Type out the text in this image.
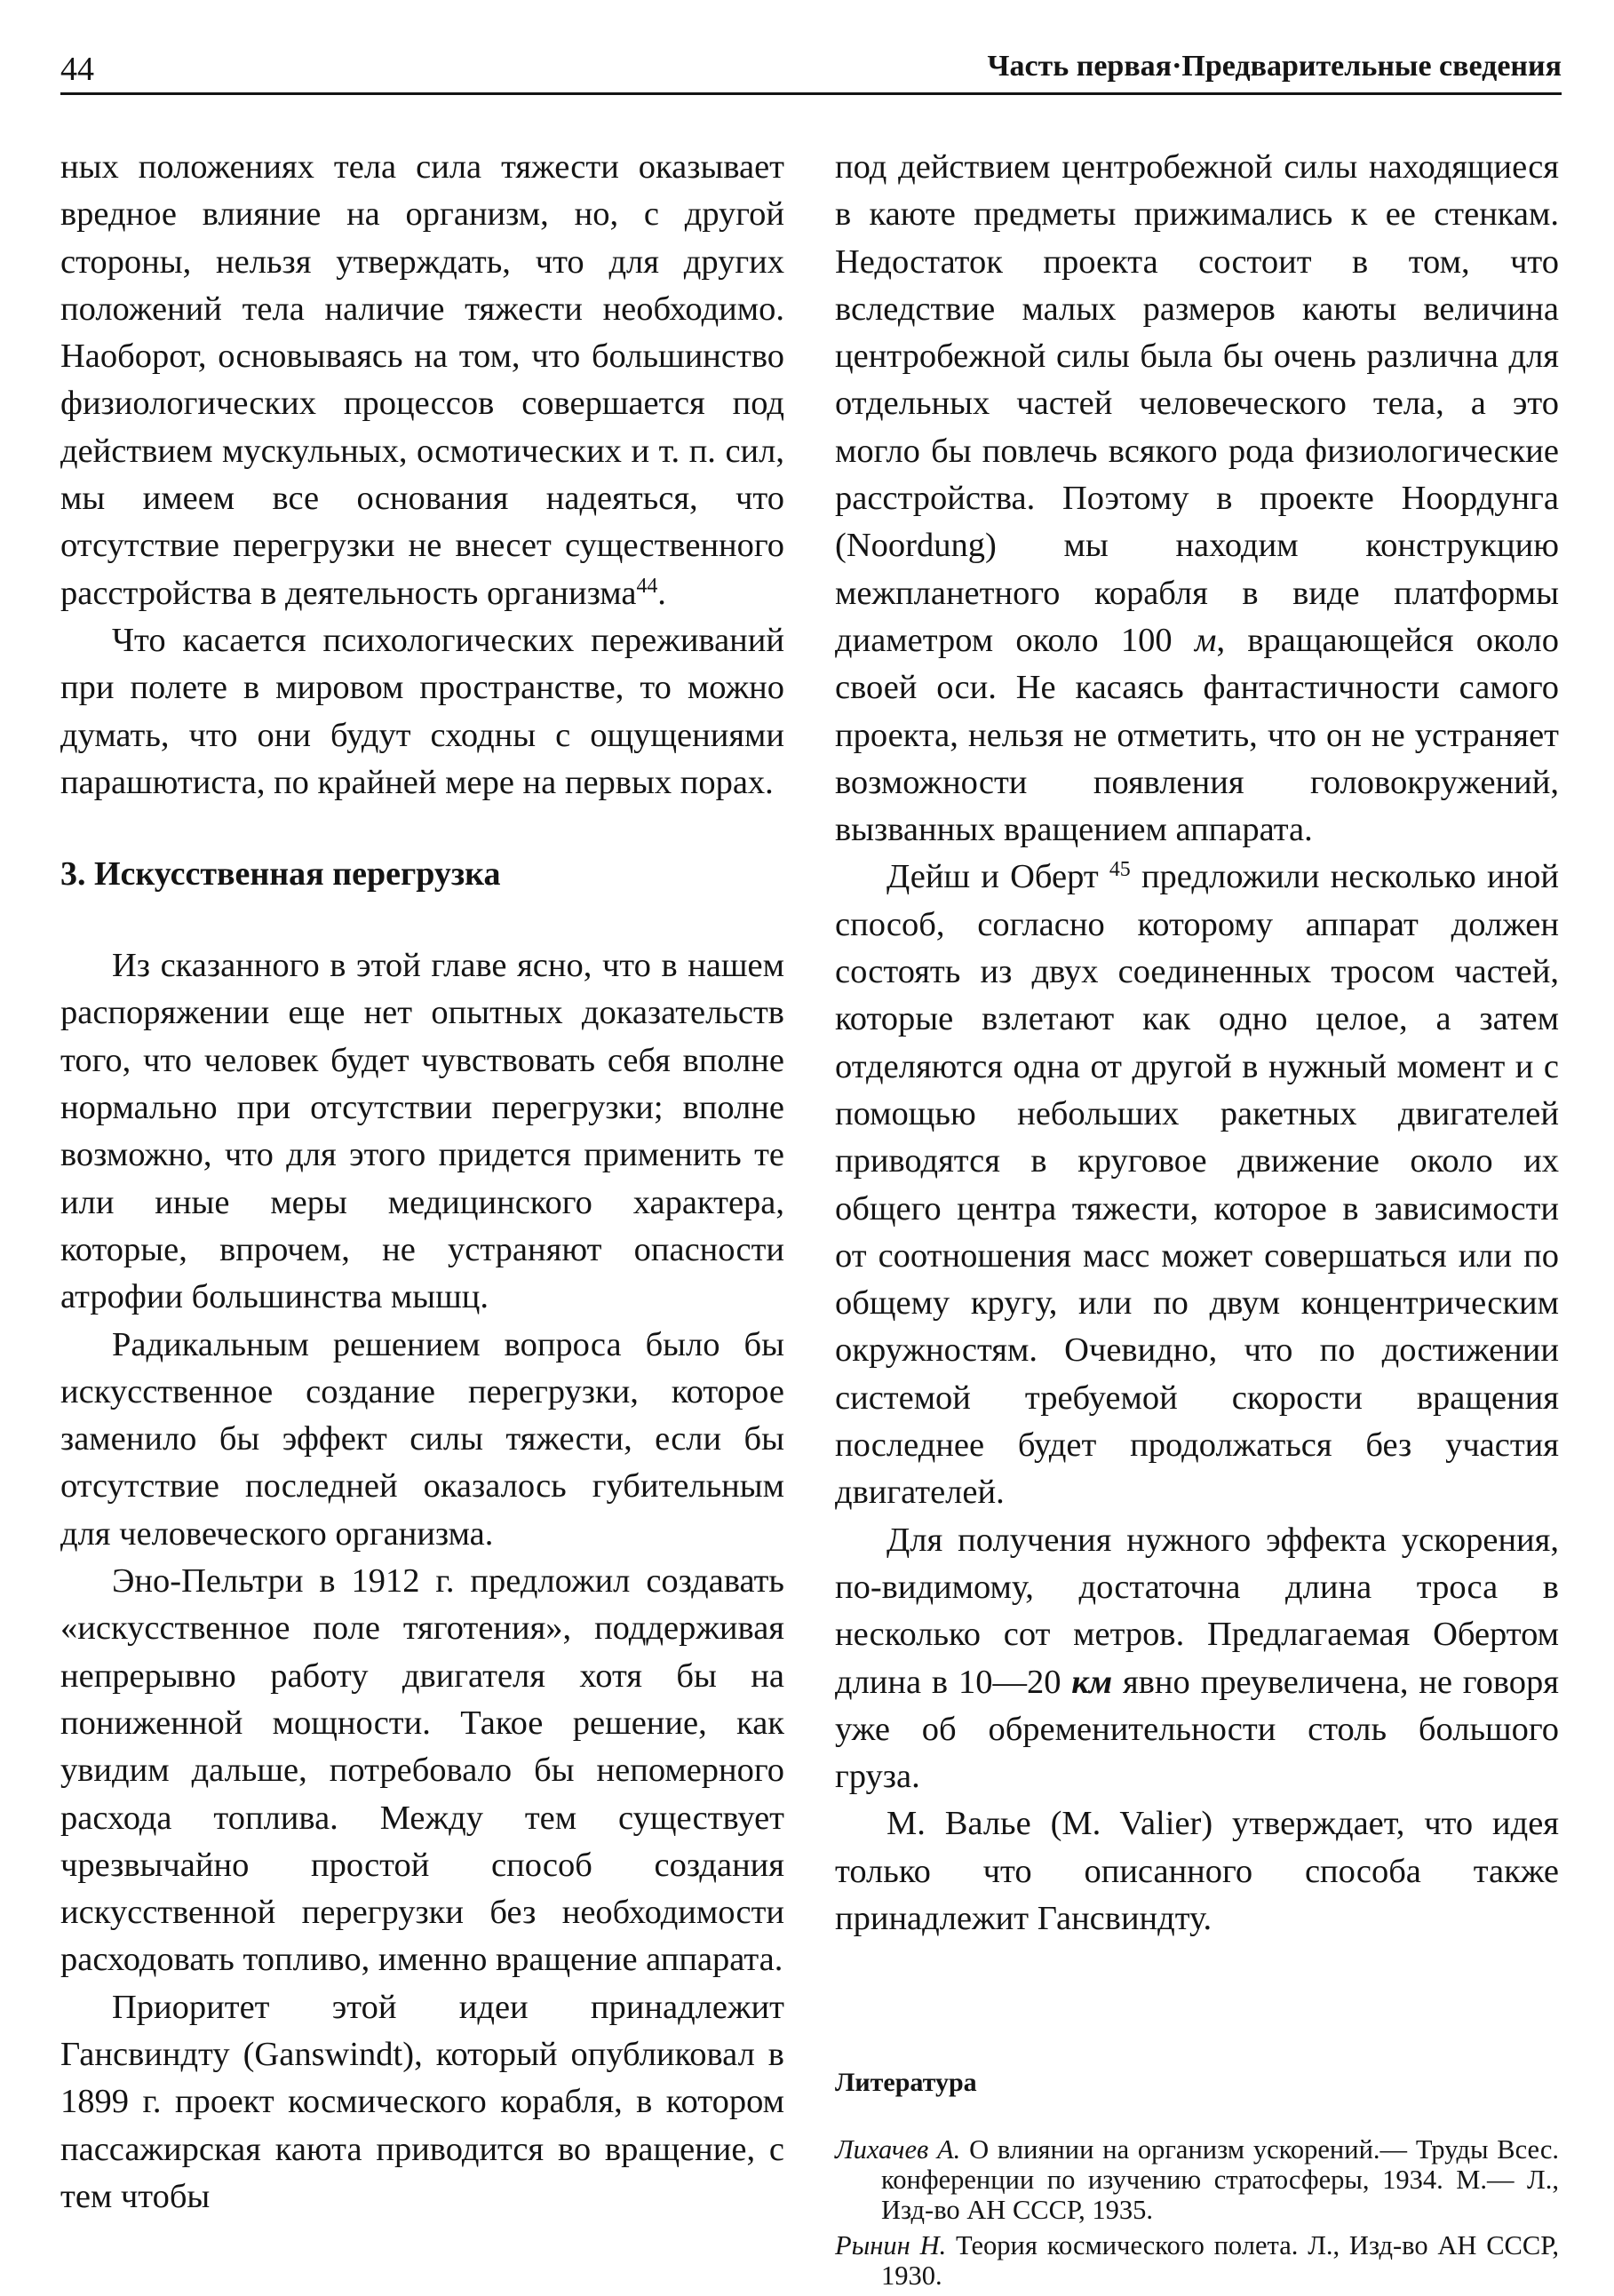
44	Часть первая·Предварительные сведения

ных положениях тела сила тяжести оказывает вредное влияние на организм, но, с другой стороны, нельзя утверждать, что для других положений тела наличие тяжести необходимо. Наоборот, основываясь на том, что большинство физиологических процессов совершается под действием мускульных, осмотических и т. п. сил, мы имеем все основания надеяться, что отсутствие перегрузки не внесет существенного расстройства в деятельность организма$^{44}$.

Что касается психологических переживаний при полете в мировом пространстве, то можно думать, что они будут сходны с ощущениями парашютиста, по крайней мере на первых порах.

3. Искусственная перегрузка

Из сказанного в этой главе ясно, что в нашем распоряжении еще нет опытных доказательств того, что человек будет чувствовать себя вполне нормально при отсутствии перегрузки; вполне возможно, что для этого придется применить те или иные меры медицинского характера, которые, впрочем, не устраняют опасности атрофии большинства мышц.

Радикальным решением вопроса было бы искусственное создание перегрузки, которое заменило бы эффект силы тяжести, если бы отсутствие последней оказалось губительным для человеческого организма.

Эно-Пельтри в 1912 г. предложил создавать «искусственное поле тяготения», поддерживая непрерывно работу двигателя хотя бы на пониженной мощности. Такое решение, как увидим дальше, потребовало бы непомерного расхода топлива. Между тем существует чрезвычайно простой способ создания искусственной перегрузки без необходимости расходовать топливо, именно вращение аппарата.

Приоритет этой идеи принадлежит Гансвиндту (Ganswindt), который опубликовал в 1899 г. проект космического корабля, в котором пассажирская каюта приводится во вращение, с тем чтобы

под действием центробежной силы находящиеся в каюте предметы прижимались к ее стенкам. Недостаток проекта состоит в том, что вследствие малых размеров каюты величина центробежной силы была бы очень различна для отдельных частей человеческого тела, а это могло бы повлечь всякого рода физиологические расстройства. Поэтому в проекте Ноордунга (Noordung) мы находим конструкцию межпланетного корабля в виде платформы диаметром около 100 м, вращающейся около своей оси. Не касаясь фантастичности самого проекта, нельзя не отметить, что он не устраняет возможности появления головокружений, вызванных вращением аппарата.

Дейш и Оберт $^{45}$ предложили несколько иной способ, согласно которому аппарат должен состоять из двух соединенных тросом частей, которые взлетают как одно целое, а затем отделяются одна от другой в нужный момент и с помощью небольших ракетных двигателей приводятся в круговое движение около их общего центра тяжести, которое в зависимости от соотношения масс может совершаться или по общему кругу, или по двум концентрическим окружностям. Очевидно, что по достижении системой требуемой скорости вращения последнее будет продолжаться без участия двигателей.

Для получения нужного эффекта ускорения, по-видимому, достаточна длина троса в несколько сот метров. Предлагаемая Обертом длина в 10—20 км явно преувеличена, не говоря уже об обременительности столь большого груза.

М. Валье (M. Valier) утверждает, что идея только что описанного способа также принадлежит Гансвиндту.

Литература
Лихачев А. О влиянии на организм ускорений.— Труды Всес. конференции по изучению стратосферы, 1934. М.— Л., Изд-во АН СССР, 1935.
Рынин Н. Теория космического полета. Л., Изд-во АН СССР, 1930.
